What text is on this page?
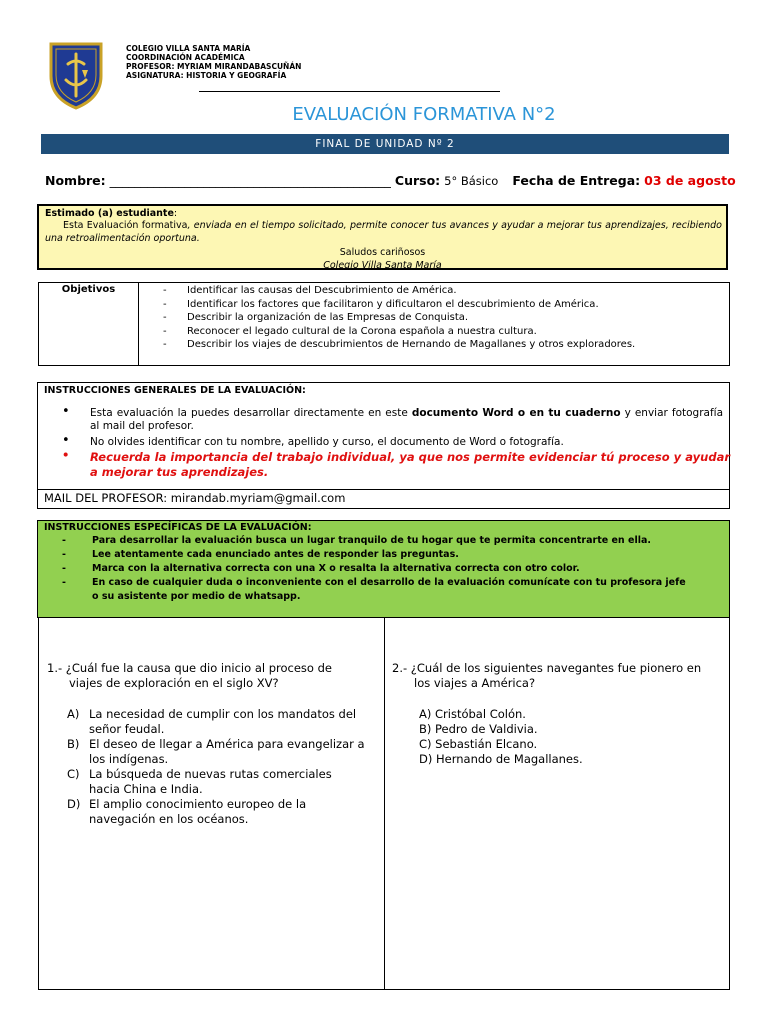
COLEGIO VILLA SANTA MARÍA
COORDINACIÓN ACADÉMICA
PROFESOR: MYRIAM MIRANDABASCUÑÁN
ASIGNATURA: HISTORIA Y GEOGRAFÍA
EVALUACIÓN FORMATIVA N°2
FINAL DE UNIDAD Nº 2
Nombre: _____________________________________________ Curso: 5° Básico Fecha de Entrega: 03 de agosto
Estimado (a) estudiante:
Esta Evaluación formativa, enviada en el tiempo solicitado, permite conocer tus avances y ayudar a mejorar tus aprendizajes, recibiendo una retroalimentación oportuna.
Saludos cariñosos
Colegio Villa Santa María
Objetivos	- Identificar las causas del Descubrimiento de América.
- Identificar los factores que facilitaron y dificultaron el descubrimiento de América.
- Describir la organización de las Empresas de Conquista.
- Reconocer el legado cultural de la Corona española a nuestra cultura.
- Describir los viajes de descubrimientos de Hernando de Magallanes y otros exploradores.
INSTRUCCIONES GENERALES DE LA EVALUACIÓN:
• Esta evaluación la puedes desarrollar directamente en este documento Word o en tu cuaderno y enviar fotografía al mail del profesor.
• No olvides identificar con tu nombre, apellido y curso, el documento de Word o fotografía.
• Recuerda la importancia del trabajo individual, ya que nos permite evidenciar tú proceso y ayudar a mejorar tus aprendizajes.
MAIL DEL PROFESOR: mirandab.myriam@gmail.com
INSTRUCCIONES ESPECÍFICAS DE LA EVALUACIÓN:
-	Para desarrollar la evaluación busca un lugar tranquilo de tu hogar que te permita concentrarte en ella.
-	Lee atentamente cada enunciado antes de responder las preguntas.
-	Marca con la alternativa correcta con una X o resalta la alternativa correcta con otro color.
-	En caso de cualquier duda o inconveniente con el desarrollo de la evaluación comunícate con tu profesora jefe
o su asistente por medio de whatsapp.
1.- ¿Cuál fue la causa que dio inicio al proceso de
viajes de exploración en el siglo XV?
A) La necesidad de cumplir con los mandatos del
señor feudal.
B) El deseo de llegar a América para evangelizar a
los indígenas.
C) La búsqueda de nuevas rutas comerciales
hacia China e India.
D) El amplio conocimiento europeo de la
navegación en los océanos.
2.- ¿Cuál de los siguientes navegantes fue pionero en
los viajes a América?
A) Cristóbal Colón.
B) Pedro de Valdivia.
C) Sebastián Elcano.
D) Hernando de Magallanes.
